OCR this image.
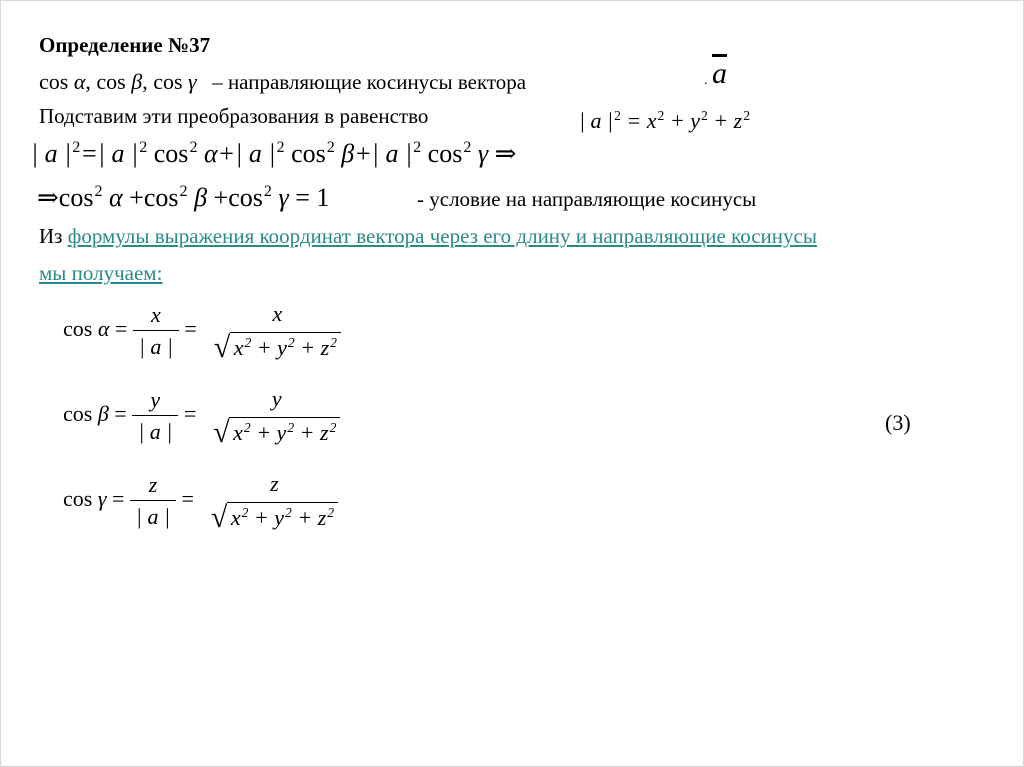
Определение №37
cos α, cos β, cos γ – направляющие косинусы вектора	. $\overline{a}$
Подставим эти преобразования в равенство	| a $|^2 = x^2 + y^2 + z^2$
| a $|^2=|$ a $|^2$ $\cos^2 \alpha+|$ a $|^2$ $\cos^2 \beta+|$ a $|^2$ $\cos^2 \gamma$ ⇒
$\Rightarrow\cos^2$ $\alpha +\cos^2$ $\beta +\cos^2$ γ = 1	- условие на направляющие косинусы
Из формулы выражения координат вектора через его длину и направляющие косинусы
мы получаем:
$\cos \alpha = \frac{x}{| a |}$ =
x
√ $x^2 + y^2 + z^2$
$\cos \beta = \frac{y}{| a |}$ =
y
√ $x^2 + y^2 + z^2$	(3)
$\cos \gamma = \frac{z}{| a |}$ =
z
√ $x^2 + y^2 + z^2$
